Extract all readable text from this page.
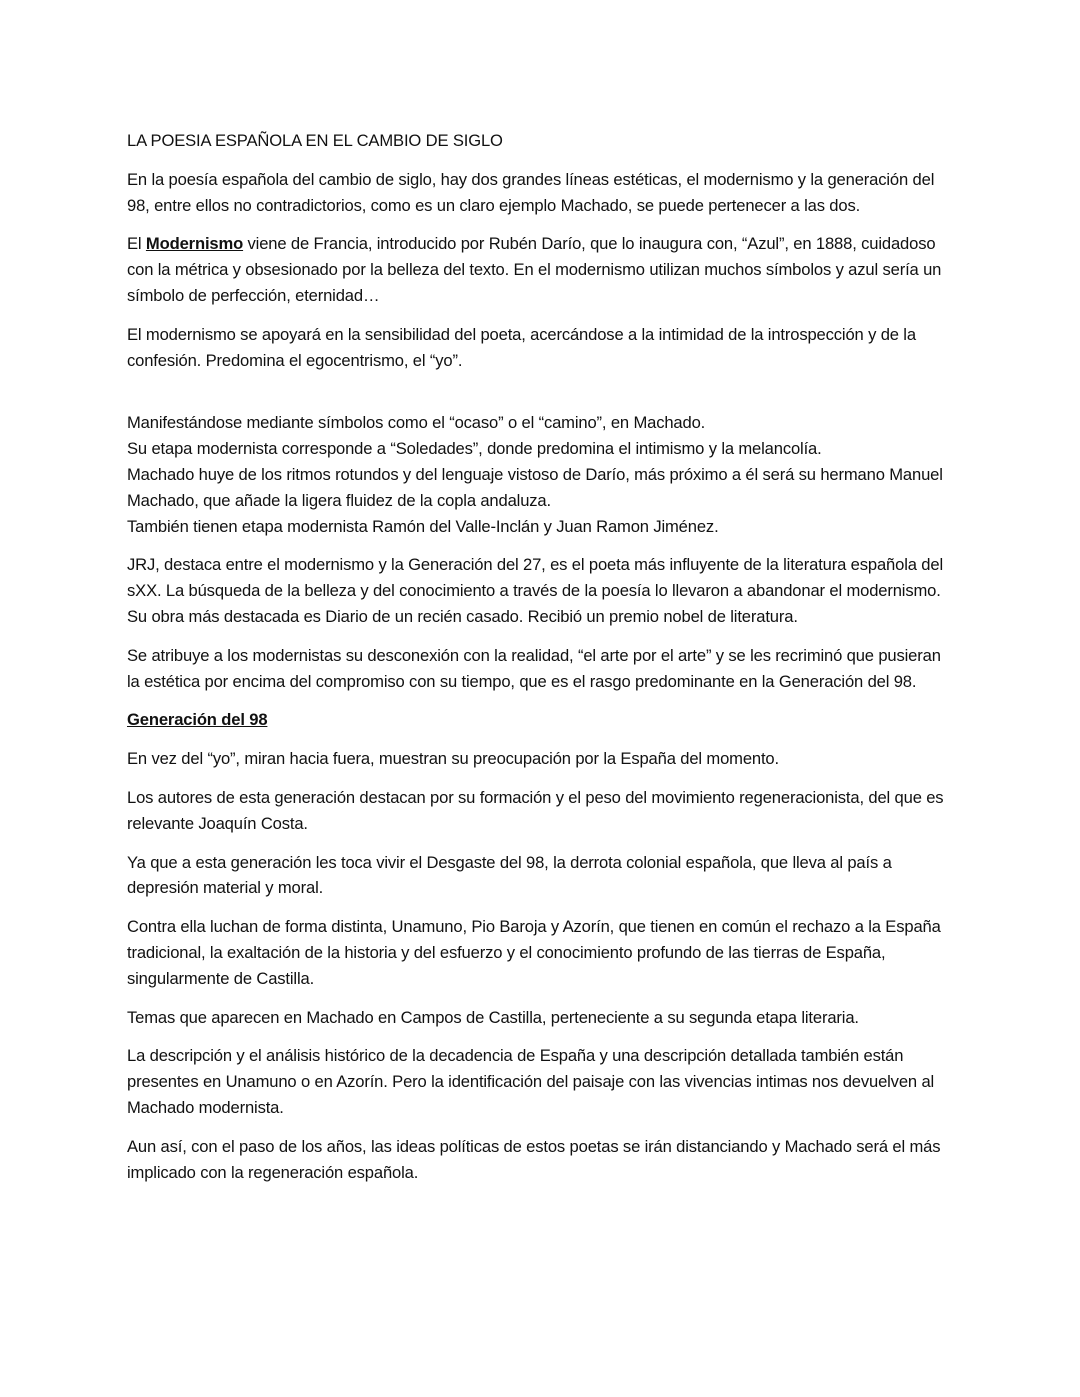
LA POESIA ESPAÑOLA EN EL CAMBIO DE SIGLO

En la poesía española del cambio de siglo, hay dos grandes líneas estéticas, el modernismo y la generación del 98, entre ellos no contradictorios, como es un claro ejemplo Machado, se puede pertenecer a las dos.

El Modernismo viene de Francia, introducido por Rubén Darío, que lo inaugura con, “Azul”, en 1888, cuidadoso con la métrica y obsesionado por la belleza del texto. En el modernismo utilizan muchos símbolos y azul sería un símbolo de perfección, eternidad…

El modernismo se apoyará en la sensibilidad del poeta, acercándose a la intimidad de la introspección y de la confesión. Predomina el egocentrismo, el “yo”.

Manifestándose mediante símbolos como el “ocaso” o el “camino”, en Machado.
Su etapa modernista corresponde a “Soledades”, donde predomina el intimismo y la melancolía.
Machado huye de los ritmos rotundos y del lenguaje vistoso de Darío, más próximo a él será su hermano Manuel Machado, que añade la ligera fluidez de la copla andaluza.
También tienen etapa modernista Ramón del Valle-Inclán y Juan Ramon Jiménez.

JRJ, destaca entre el modernismo y la Generación del 27, es el poeta más influyente de la literatura española del sXX. La búsqueda de la belleza y del conocimiento a través de la poesía lo llevaron a abandonar el modernismo. Su obra más destacada es Diario de un recién casado. Recibió un premio nobel de literatura.

Se atribuye a los modernistas su desconexión con la realidad, “el arte por el arte” y se les recriminó que pusieran la estética por encima del compromiso con su tiempo, que es el rasgo predominante en la Generación del 98.

Generación del 98

En vez del “yo”, miran hacia fuera, muestran su preocupación por la España del momento.

Los autores de esta generación destacan por su formación y el peso del movimiento regeneracionista, del que es relevante Joaquín Costa.

Ya que a esta generación les toca vivir el Desgaste del 98, la derrota colonial española, que lleva al país a depresión material y moral.

Contra ella luchan de forma distinta, Unamuno, Pio Baroja y Azorín, que tienen en común el rechazo a la España tradicional, la exaltación de la historia y del esfuerzo y el conocimiento profundo de las tierras de España, singularmente de Castilla.

Temas que aparecen en Machado en Campos de Castilla, perteneciente a su segunda etapa literaria.

La descripción y el análisis histórico de la decadencia de España y una descripción detallada también están presentes en Unamuno o en Azorín. Pero la identificación del paisaje con las vivencias intimas nos devuelven al Machado modernista.

Aun así, con el paso de los años, las ideas políticas de estos poetas se irán distanciando y Machado será el más implicado con la regeneración española.
